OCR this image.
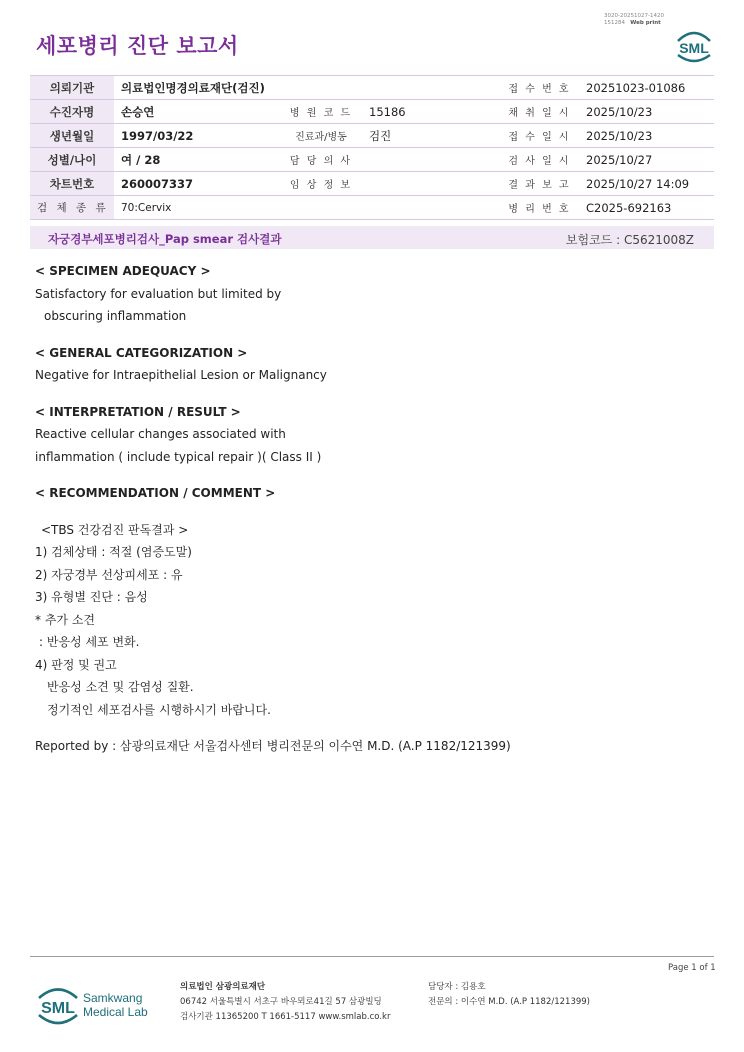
3020-20251027-1420
151284 Web print
세포병리 진단 보고서	SML
의뢰기관	의료법인명경의료재단(검진)			접 수 번 호	20251023-01086
수진자명	손승연	병 원 코 드	15186	채 취 일 시	2025/10/23
생년월일	1997/03/22	진료과/병동	검진	접 수 일 시	2025/10/23
성별/나이	여 / 28	담 당 의 사		검 사 일 시	2025/10/27
차트번호	260007337	임 상 정 보		결 과 보 고	2025/10/27 14:09
검 체 종 류	70:Cervix			병 리 번 호	C2025-692163
자궁경부세포병리검사_Pap smear 검사결과	보험코드 : C5621008Z

< SPECIMEN ADEQUACY >

Satisfactory for evaluation but limited by

obscuring inflammation

< GENERAL CATEGORIZATION >

Negative for Intraepithelial Lesion or Malignancy

< INTERPRETATION / RESULT >

Reactive cellular changes associated with

inflammation ( include typical repair )( Class II )

< RECOMMENDATION / COMMENT >

<TBS 건강검진 판독결과 >

1) 검체상태 : 적절 (염증도말)

2) 자궁경부 선상피세포 : 유

3) 유형별 진단 : 음성

* 추가 소견

: 반응성 세포 변화.

4) 판정 및 권고

반응성 소견 및 감염성 질환.

정기적인 세포검사를 시행하시기 바랍니다.

Reported by : 삼광의료재단 서울검사센터 병리전문의 이수연 M.D. (A.P 1182/121399)

Page 1 of 1
SML
Samkwang
Medical Lab
의료법인 삼광의료재단
06742 서울특별시 서초구 바우뫼로41길 57 삼광빌딩
검사기관 11365200 T 1661-5117 www.smlab.co.kr
담당자 : 김용호
전문의 : 이수연 M.D. (A.P 1182/121399)
